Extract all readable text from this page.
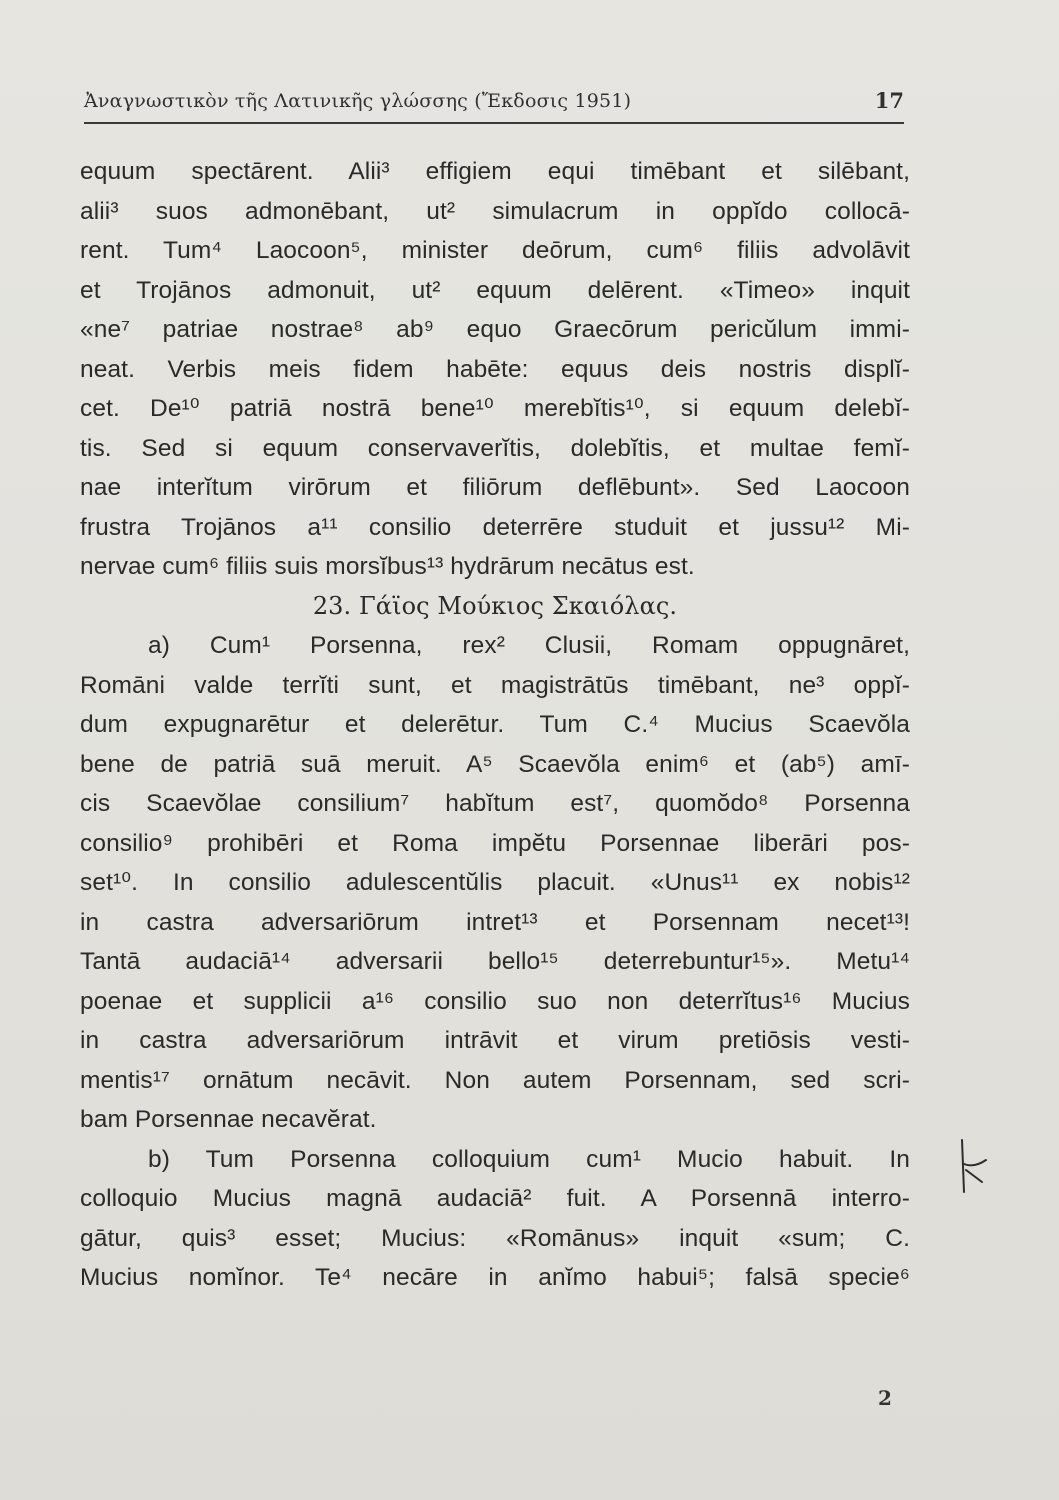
Ἀναγνωστικὸν τῆς Λατινικῆς γλώσσης (Ἔκδοσις 1951)	17
equum spectārent. Alii³ effigiem equi timēbant et silēbant,
alii³ suos admonēbant, ut² simulacrum in oppĭdo collocā-
rent. Tum⁴ Laocoon⁵, minister deōrum, cum⁶ filiis advolāvit
et Trojānos admonuit, ut² equum delērent. «Timeo» inquit
«ne⁷ patriae nostrae⁸ ab⁹ equo Graecōrum pericŭlum immi-
neat. Verbis meis fidem habēte: equus deis nostris displĭ-
cet. De¹⁰ patriā nostrā bene¹⁰ merebĭtis¹⁰, si equum delebĭ-
tis. Sed si equum conservaverĭtis, dolebĭtis, et multae femĭ-
nae interĭtum virōrum et filiōrum deflēbunt». Sed Laocoon
frustra Trojānos a¹¹ consilio deterrēre studuit et jussu¹² Mi-
nervae cum⁶ filiis suis morsĭbus¹³ hydrārum necātus est.
23. Γάϊος Μούκιος Σκαιόλας.
a) Cum¹ Porsenna, rex² Clusii, Romam oppugnāret,
Romāni valde terrĭti sunt, et magistrātūs timēbant, ne³ oppĭ-
dum expugnarētur et delerētur. Tum C.⁴ Mucius Scaevŏla
bene de patriā suā meruit. A⁵ Scaevŏla enim⁶ et (ab⁵) amī-
cis Scaevŏlae consilium⁷ habĭtum est⁷, quomŏdo⁸ Porsenna
consilio⁹ prohibēri et Roma impĕtu Porsennae liberāri pos-
set¹⁰. In consilio adulescentŭlis placuit. «Unus¹¹ ex nobis¹²
in castra adversariōrum intret¹³ et Porsennam necet¹³!
Tantā audaciā¹⁴ adversarii bello¹⁵ deterrebuntur¹⁵». Metu¹⁴
poenae et supplicii a¹⁶ consilio suo non deterrĭtus¹⁶ Mucius
in castra adversariōrum intrāvit et virum pretiōsis vesti-
mentis¹⁷ ornātum necāvit. Non autem Porsennam, sed scri-
bam Porsennae necavĕrat.
b) Tum Porsenna colloquium cum¹ Mucio habuit. In
colloquio Mucius magnā audaciā² fuit. A Porsennā interro-
gātur, quis³ esset; Mucius: «Romānus» inquit «sum; C.
Mucius nomĭnor. Te⁴ necāre in anĭmo habui⁵; falsā specie⁶
2
